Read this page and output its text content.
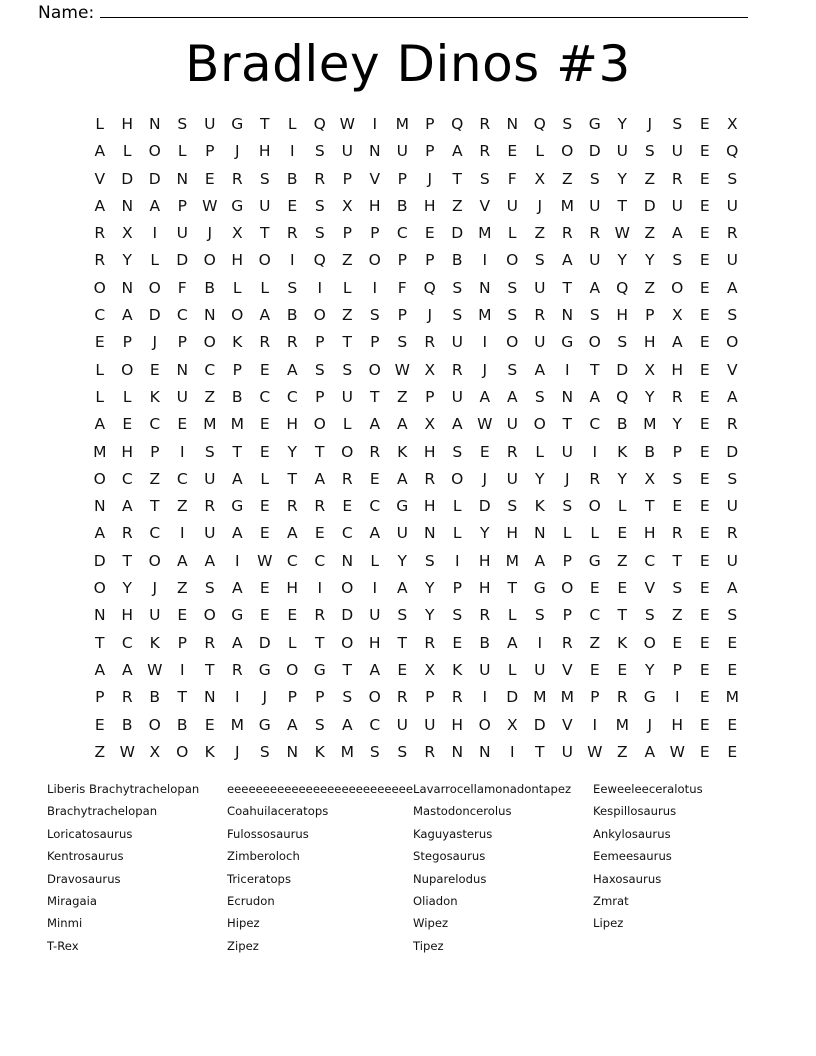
Name:
Bradley Dinos #3
L	H	N	S	U	G	T	L	Q W	I	M	P	Q	R	N	Q	S	G	Y	J	S	E	X
A	L	O	L	P	J	H	I	S	U	N	U	P	A	R	E	L	O D	U	S	U	E	Q
V	D	D	N	E	R	S	B	R	P	V	P	J	T	S	F	X	Z	S	Y	Z	R	E	S
A	N	A	P W G	U	E	S	X	H	B	H	Z	V	U	J	M U	T	D	U	E	U
R	X	I	U	J	X	T	R	S	P	P	C	E	D M	L	Z	R	R W Z	A	E	R
R	Y	L	D O	H	O	I	Q	Z	O	P	P	B	I	O	S	A	U	Y	Y	S	E	U
O	N	O	F	B	L	L	S	I	L	I	F	Q	S	N	S	U	T	A	Q	Z	O	E	A
C	A	D	C	N	O	A	B	O	Z	S	P	J	S	M	S	R	N	S	H	P	X	E	S
E	P	J	P	O	K	R	R	P	T	P	S	R	U	I	O	U	G O	S	H	A	E	O
L	O	E	N	C	P	E	A	S	S	O W X	R	J	S	A	I	T	D	X	H	E	V
L	L	K	U	Z	B	C	C	P	U	T	Z	P	U	A	A	S	N	A	Q	Y	R	E	A
A	E	C	E	M M	E	H	O	L	A	A	X	A W U	O	T	C	B	M	Y	E	R
M H	P	I	S	T	E	Y	T	O	R	K	H	S	E	R	L	U	I	K	B	P	E	D
O	C	Z	C	U	A	L	T	A	R	E	A	R	O	J	U	Y	J	R	Y	X	S	E	S
N	A	T	Z	R	G	E	R	R	E	C	G	H	L	D	S	K	S	O	L	T	E	E	U
A	R	C	I	U	A	E	A	E	C	A	U	N	L	Y	H	N	L	L	E	H	R	E	R
D	T	O	A	A	I	W C	C	N	L	Y	S	I	H M	A	P	G	Z	C	T	E	U
O	Y	J	Z	S	A	E	H	I	O	I	A	Y	P	H	T	G O	E	E	V	S	E	A
N	H	U	E	O G	E	E	R	D	U	S	Y	S	R	L	S	P	C	T	S	Z	E	S
T	C	K	P	R	A	D	L	T	O	H	T	R	E	B	A	I	R	Z	K	O	E	E	E
A	A W	I	T	R	G O G	T	A	E	X	K	U	L	U	V	E	E	Y	P	E	E
P	R	B	T	N	I	J	P	P	S	O	R	P	R	I	D M M	P	R	G	I	E	M
E	B	O	B	E	M G	A	S	A	C	U	U	H	O	X	D	V	I	M	J	H	E	E
Z W X	O	K	J	S	N	K	M	S	S	R	N	N	I	T	U W Z	A W E	E
Liberis Brachytrachelopan
Brachytrachelopan
Loricatosaurus
Kentrosaurus
Dravosaurus
Miragaia
Minmi
T-Rex
eeeeeeeeeeeeeeeeeeeeeeeeee
Coahuilaceratops
Fulossosaurus
Zimberoloch
Triceratops
Ecrudon
Hipez
Zipez
Lavarrocellamonadontapez
Mastodoncerolus
Kaguyasterus
Stegosaurus
Nuparelodus
Oliadon
Wipez
Tipez
Eeweeleeceralotus
Kespillosaurus
Ankylosaurus
Eemeesaurus
Haxosaurus
Zmrat
Lipez
